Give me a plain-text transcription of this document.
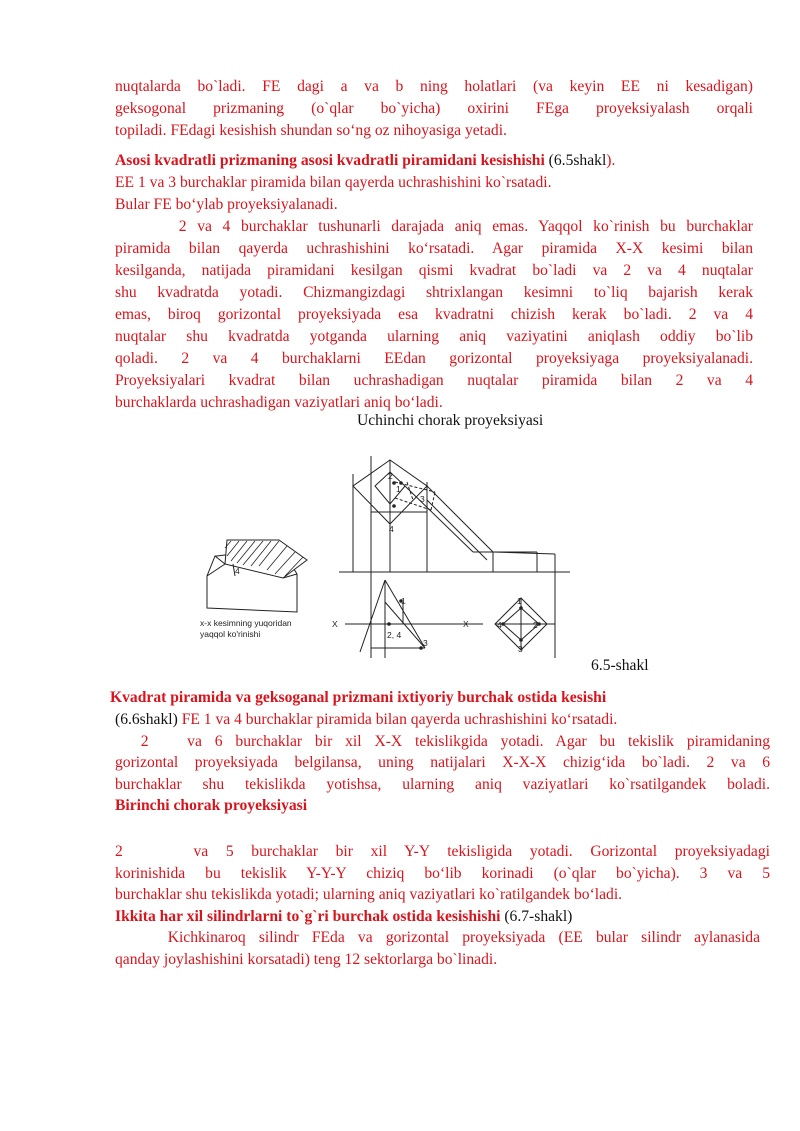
nuqtalarda bo`ladi. FE dagi a va b ning holatlari (va keyin EE ni kesadigan)

geksogonal prizmaning (o`qlar bo`yicha) oxirini FEga proyeksiyalash orqali

topiladi. FEdagi kesishish shundan so‘ng oz nihoyasiga yetadi.

Asosi kvadratli prizmaning asosi kvadratli piramidani kesishishi (6.5shakl).

EE 1 va 3 burchaklar piramida bilan qayerda uchrashishini ko`rsatadi.

Bular FE bo‘ylab proyeksiyalanadi.

2 va 4 burchaklar tushunarli darajada aniq emas. Yaqqol ko`rinish bu burchaklar

piramida bilan qayerda uchrashishini ko‘rsatadi. Agar piramida X-X kesimi bilan

kesilganda, natijada piramidani kesilgan qismi kvadrat bo`ladi va 2 va 4 nuqtalar

shu kvadratda yotadi. Chizmangizdagi shtrixlangan kesimni to`liq bajarish kerak

emas, biroq gorizontal proyeksiyada esa kvadratni chizish kerak bo`ladi. 2 va 4

nuqtalar shu kvadratda yotganda ularning aniq vaziyatini aniqlash oddiy bo`lib

qoladi. 2 va 4 burchaklarni EEdan gorizontal proyeksiyaga proyeksiyalanadi.

Proyeksiyalari kvadrat bilan uchrashadigan nuqtalar piramida bilan 2 va 4

burchaklarda uchrashadigan vaziyatlari aniq bo‘ladi.

Uchinchi chorak proyeksiyasi
2
1
3
4
4
1
2, 4
3
1
4	2
3
X	X
x-x kesimning yuqoridan
yaqqol ko'rinishi
6.5-shakl
Kvadrat piramida va geksoganal prizmani ixtiyoriy burchak ostida kesishi

(6.6shakl) FE 1 va 4 burchaklar piramida bilan qayerda uchrashishini ko‘rsatadi.

2   va 6 burchaklar bir xil X-X tekislikgida yotadi. Agar bu tekislik piramidaning

gorizontal proyeksiyada belgilansa, uning natijalari X-X-X chizig‘ida bo`ladi. 2 va 6

burchaklar shu tekislikda yotishsa, ularning aniq vaziyatlari ko`rsatilgandek boladi.

Birinchi chorak proyeksiyasi

2    va 5 burchaklar bir xil Y-Y tekisligida yotadi. Gorizontal proyeksiyadagi

korinishida bu tekislik Y-Y-Y chiziq bo‘lib korinadi (o`qlar bo`yicha). 3 va 5

burchaklar shu tekislikda yotadi; ularning aniq vaziyatlari ko`ratilgandek bo‘ladi.

Ikkita har xil silindrlarni to`g`ri burchak ostida kesishishi (6.7-shakl)

Kichkinaroq silindr FEda va gorizontal proyeksiyada (EE bular silindr aylanasida

qanday joylashishini korsatadi) teng 12 sektorlarga bo`linadi.
